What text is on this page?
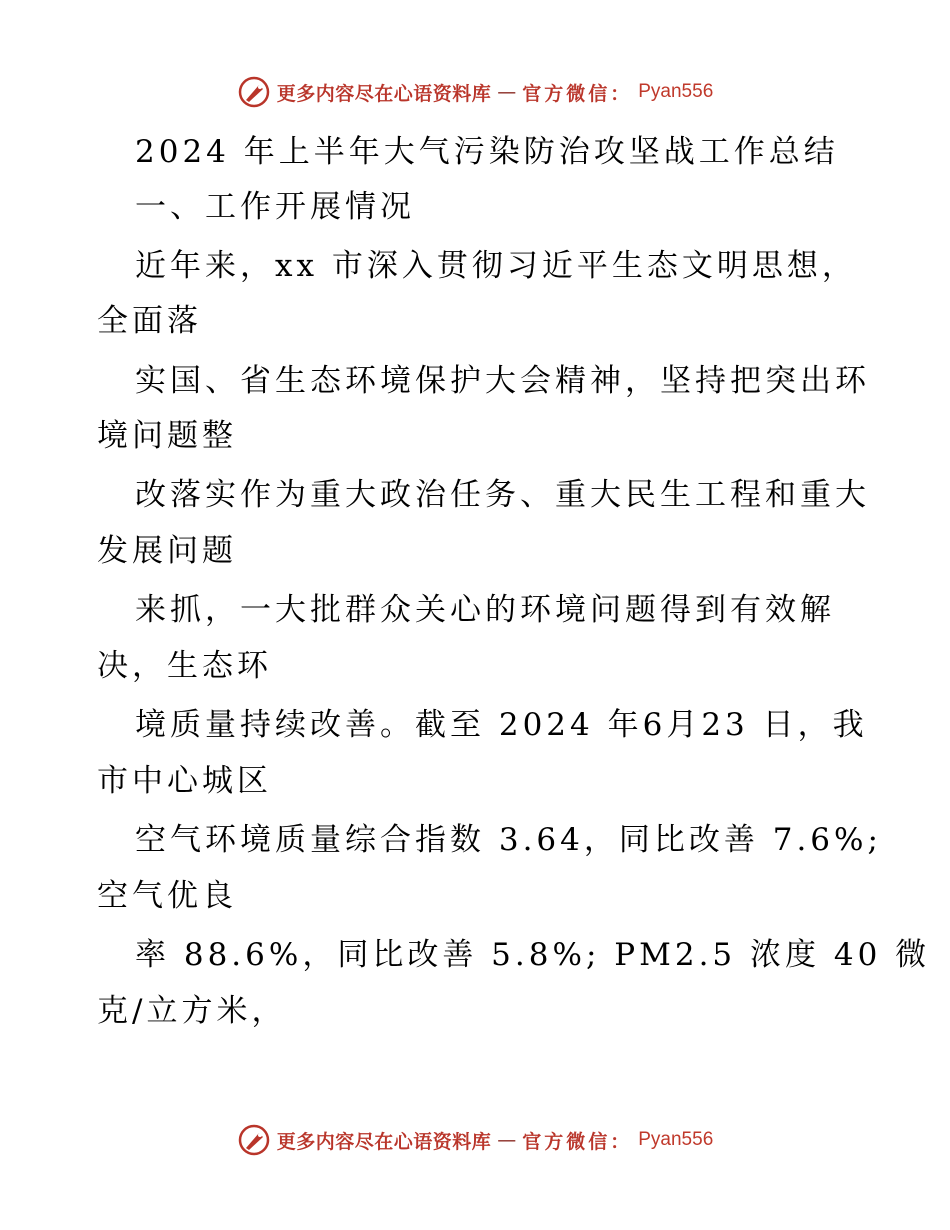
更多内容尽在心语资料库 — 官方微信： Pyan556
2024 年上半年大气污染防治攻坚战工作总结
一、工作开展情况
近年来，xx 市深入贯彻习近平生态文明思想，
全面落
实国、省生态环境保护大会精神，坚持把突出环
境问题整
改落实作为重大政治任务、重大民生工程和重大
发展问题
来抓，一大批群众关心的环境问题得到有效解
决，生态环
境质量持续改善。截至 2024 年6月23 日，我
市中心城区
空气环境质量综合指数 3.64，同比改善 7.6%;
空气优良
率 88.6%，同比改善 5.8%; PM2.5 浓度 40 微
克/立方米，
更多内容尽在心语资料库 — 官方微信： Pyan556
